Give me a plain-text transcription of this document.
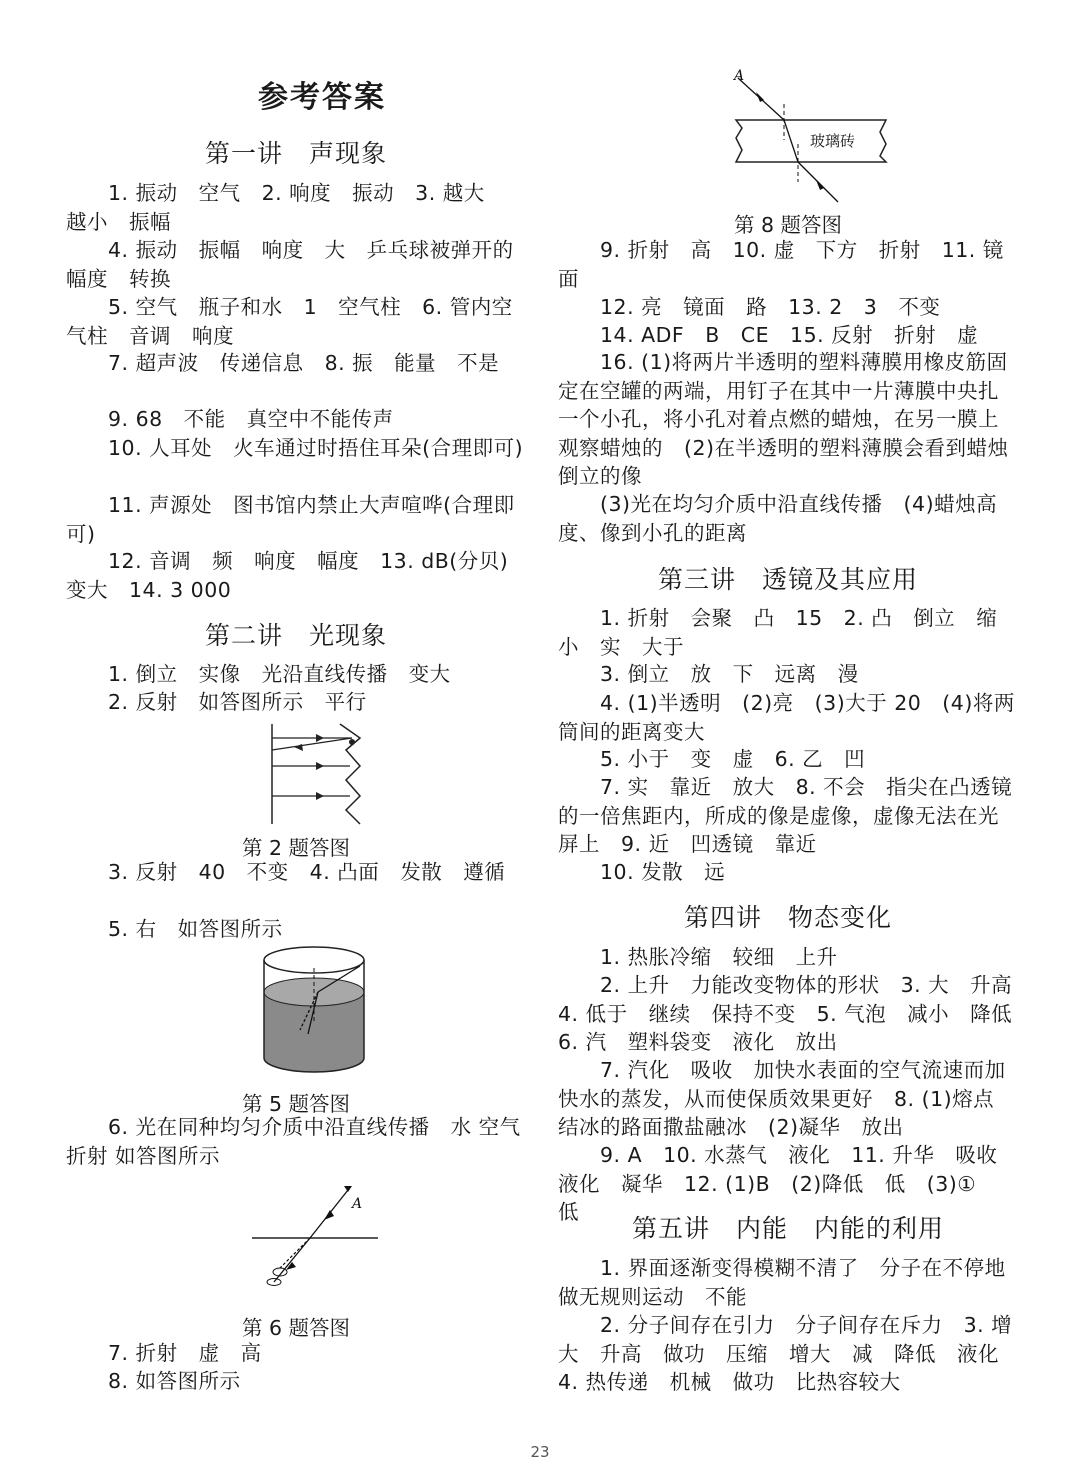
参考答案
第一讲　声现象
1. 振动　空气　2. 响度　振动　3. 越大　越小　振幅
4. 振动　振幅　响度　大　乒乓球被弹开的幅度　转换
5. 空气　瓶子和水　1　空气柱　6. 管内空气柱　音调　响度
7. 超声波　传递信息　8. 振　能量　不是
9. 68　不能　真空中不能传声
10. 人耳处　火车通过时捂住耳朵(合理即可)
11. 声源处　图书馆内禁止大声喧哗(合理即可)
12. 音调　频　响度　幅度　13. dB(分贝)　变大　14. 3 000
第二讲　光现象
1. 倒立　实像　光沿直线传播　变大
2. 反射　如答图所示　平行
第 2 题答图
3. 反射　40　不变　4. 凸面　发散　遵循
5. 右　如答图所示
第 5 题答图
6. 光在同种均匀介质中沿直线传播　水 空气 折射 如答图所示
A
第 6 题答图
7. 折射　虚　高
8. 如答图所示
A
玻璃砖
第 8 题答图
9. 折射　高　10. 虚　下方　折射　11. 镜面
12. 亮　镜面　路　13. 2　3　不变
14. ADF　B　CE　15. 反射　折射　虚
16. (1)将两片半透明的塑料薄膜用橡皮筋固定在空罐的两端，用钉子在其中一片薄膜中央扎一个小孔，将小孔对着点燃的蜡烛，在另一膜上观察蜡烛的　(2)在半透明的塑料薄膜会看到蜡烛倒立的像
(3)光在均匀介质中沿直线传播　(4)蜡烛高度、像到小孔的距离
第三讲　透镜及其应用
1. 折射　会聚　凸　15　2. 凸　倒立　缩小　实　大于
3. 倒立　放　下　远离　漫
4. (1)半透明　(2)亮　(3)大于 20　(4)将两筒间的距离变大
5. 小于　变　虚　6. 乙　凹
7. 实　靠近　放大　8. 不会　指尖在凸透镜的一倍焦距内，所成的像是虚像，虚像无法在光屏上　9. 近　凹透镜　靠近
10. 发散　远
第四讲　物态变化
1. 热胀冷缩　较细　上升
2. 上升　力能改变物体的形状　3. 大　升高　4. 低于　继续　保持不变　5. 气泡　减小　降低　6. 汽　塑料袋变　液化　放出
7. 汽化　吸收　加快水表面的空气流速而加快水的蒸发，从而使保质效果更好　8. (1)熔点　结冰的路面撒盐融冰　(2)凝华　放出
9. A　10. 水蒸气　液化　11. 升华　吸收　液化　凝华　12. (1)B　(2)降低　低　(3)①　低
第五讲　内能　内能的利用
1. 界面逐渐变得模糊不清了　分子在不停地做无规则运动　不能
2. 分子间存在引力　分子间存在斥力　3. 增大　升高　做功　压缩　增大　减　降低　液化　4. 热传递　机械　做功　比热容较大
23
